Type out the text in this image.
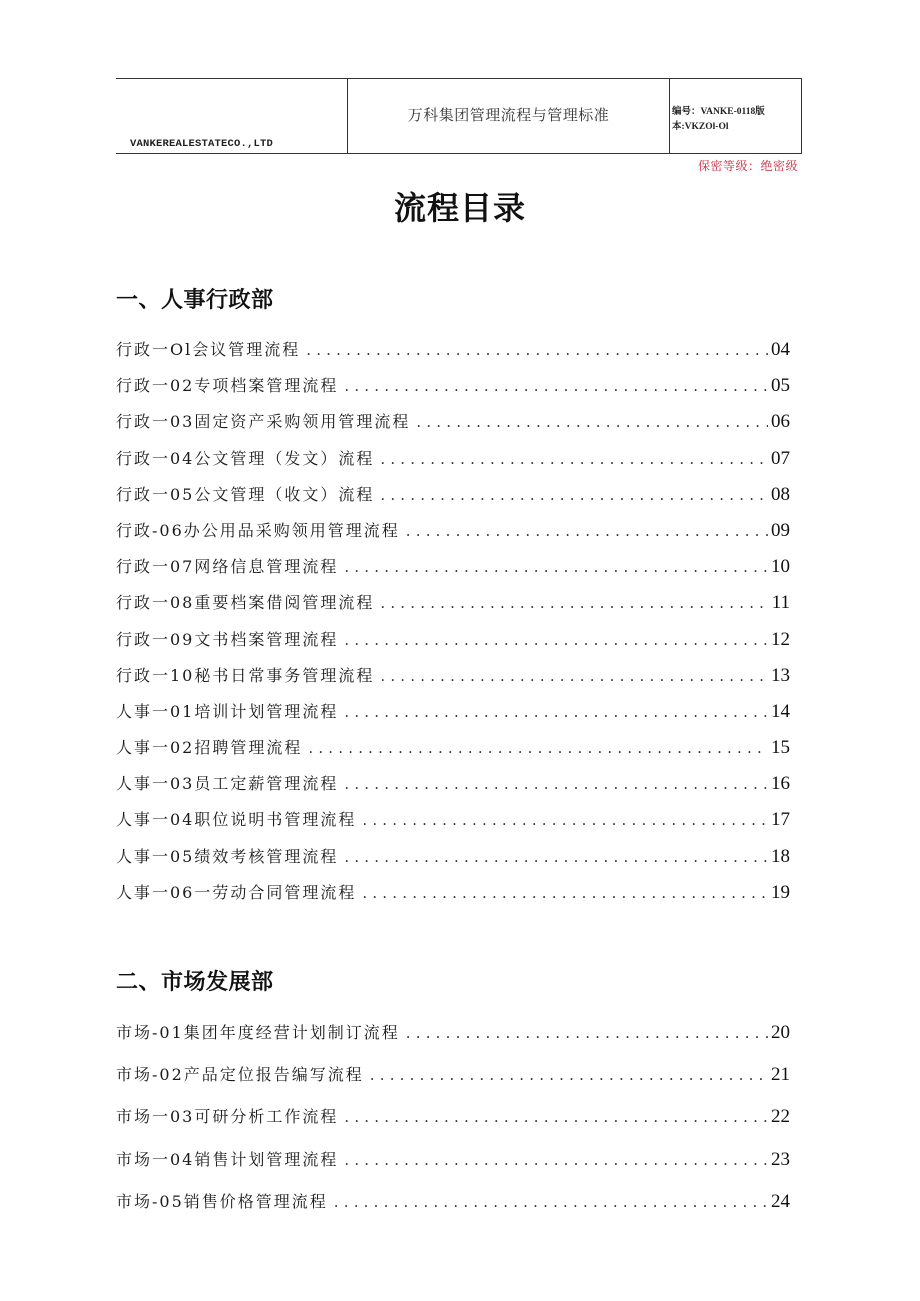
VANKEREALESTATECO.,LTD
万科集团管理流程与管理标准	编号：VANKE-0118版
本:VKZOl-Ol
保密等级：绝密级
流程目录
一、人事行政部
行政一Ol会议管理流程 .....	04
行政一02专项档案管理流程 .....	05
行政一03固定资产采购领用管理流程 .....	06
行政一04公文管理（发文）流程 .....	07
行政一05公文管理（收文）流程 .....	08
行政-06办公用品采购领用管理流程 .....	09
行政一07网络信息管理流程 .....	10
行政一08重要档案借阅管理流程 .....	11
行政一09文书档案管理流程 .....	12
行政一10秘书日常事务管理流程 .....	13
人事一01培训计划管理流程 .....	14
人事一02招聘管理流程 .....	15
人事一03员工定薪管理流程 .....	16
人事一04职位说明书管理流程 .....	17
人事一05绩效考核管理流程 .....	18
人事一06一劳动合同管理流程 .....	19
二、市场发展部
市场-01集团年度经营计划制订流程 .....	20
市场-02产品定位报告编写流程 .....	21
市场一03可研分析工作流程 .....	22
市场一04销售计划管理流程 .....	23
市场-05销售价格管理流程 .....	24
